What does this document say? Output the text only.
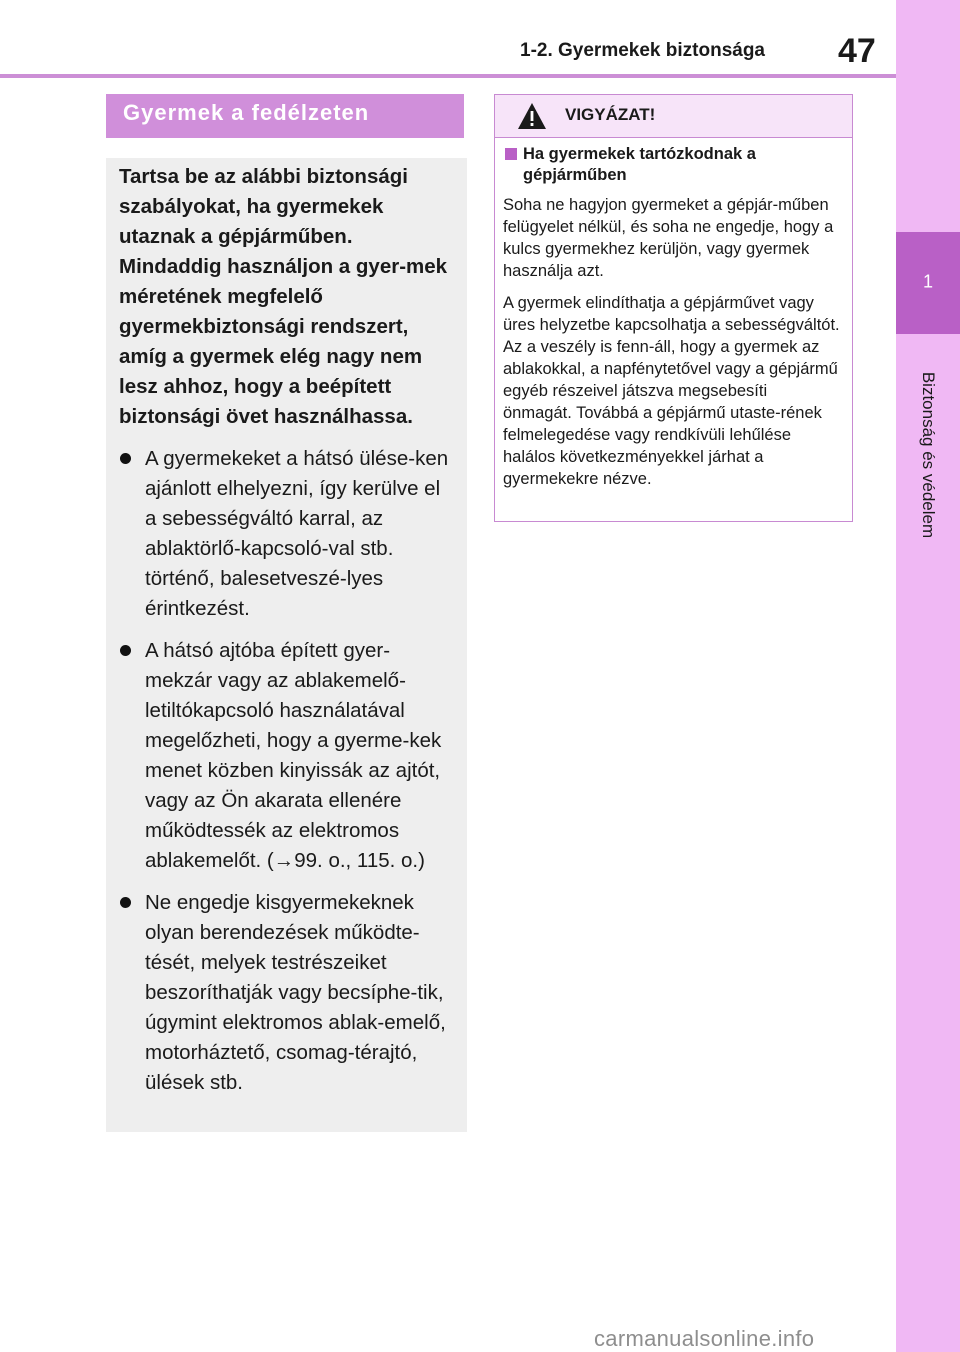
1-2. Gyermekek biztonsága 47
1
Biztonság és védelem
Gyermek a fedélzeten

Tartsa be az alábbi biztonsági szabályokat, ha gyermekek utaznak a gépjárműben. Mindaddig használjon a gyer-mek méretének megfelelő gyermekbiztonsági rendszert, amíg a gyermek elég nagy nem lesz ahhoz, hogy a beépített biztonsági övet használhassa.

A gyermekeket a hátsó ülése-ken ajánlott elhelyezni, így kerülve el a sebességváltó karral, az ablaktörlő-kapcsoló-val stb. történő, balesetveszé-lyes érintkezést.
A hátsó ajtóba épített gyer-mekzár vagy az ablakemelő-letiltókapcsoló használatával megelőzheti, hogy a gyerme-kek menet közben kinyissák az ajtót, vagy az Ön akarata ellenére működtessék az elektromos ablakemelőt. (→99. o., 115. o.)
Ne engedje kisgyermekeknek olyan berendezések működte-tését, melyek testrészeiket beszoríthatják vagy becsíphe-tik, úgymint elektromos ablak-emelő, motorháztető, csomag-térajtó, ülések stb.
VIGYÁZAT!
Ha gyermekek tartózkodnak a gépjárműben

Soha ne hagyjon gyermeket a gépjár-műben felügyelet nélkül, és soha ne engedje, hogy a kulcs gyermekhez kerüljön, vagy gyermek használja azt.

A gyermek elindíthatja a gépjárművet vagy üres helyzetbe kapcsolhatja a sebességváltót. Az a veszély is fenn-áll, hogy a gyermek az ablakokkal, a napfénytetővel vagy a gépjármű egyéb részeivel játszva megsebesíti önmagát. Továbbá a gépjármű utaste-rének felmelegedése vagy rendkívüli lehűlése halálos következményekkel járhat a gyermekekre nézve.

carmanualsonline.info
